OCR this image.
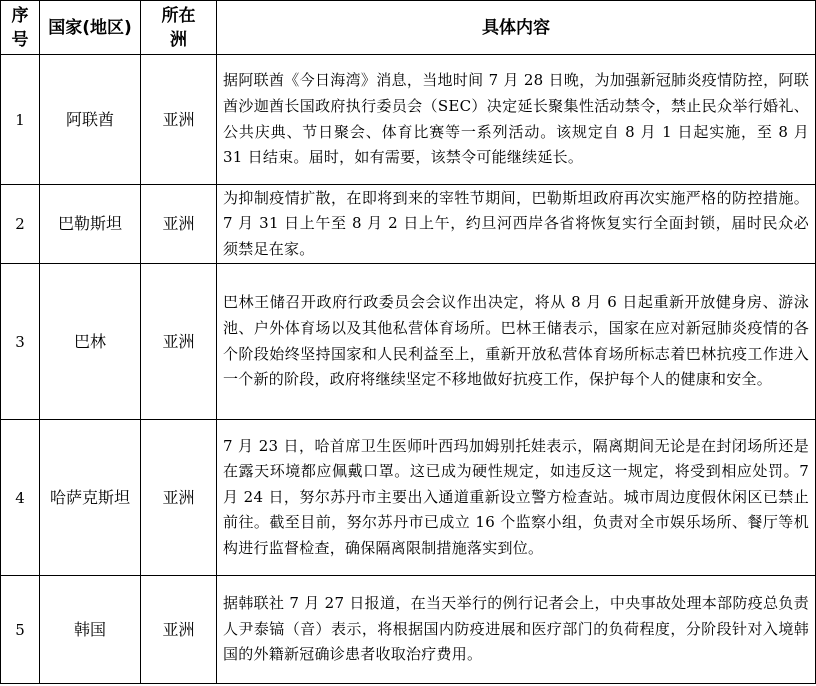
序号	国家(地区)	所在洲	具体内容
1	阿联酋	亚洲	据阿联酋《今日海湾》消息，当地时间 7 月 28 日晚，为加强新冠肺炎疫情防控，阿联酋沙迦酋长国政府执行委员会（SEC）决定延长聚集性活动禁令，禁止民众举行婚礼、公共庆典、节日聚会、体育比赛等一系列活动。该规定自 8 月 1 日起实施，至 8 月 31 日结束。届时，如有需要，该禁令可能继续延长。
2	巴勒斯坦	亚洲	为抑制疫情扩散，在即将到来的宰牲节期间，巴勒斯坦政府再次实施严格的防控措施。7 月 31 日上午至 8 月 2 日上午，约旦河西岸各省将恢复实行全面封锁，届时民众必须禁足在家。
3	巴林	亚洲	巴林王储召开政府行政委员会会议作出决定，将从 8 月 6 日起重新开放健身房、游泳池、户外体育场以及其他私营体育场所。巴林王储表示，国家在应对新冠肺炎疫情的各个阶段始终坚持国家和人民利益至上，重新开放私营体育场所标志着巴林抗疫工作进入一个新的阶段，政府将继续坚定不移地做好抗疫工作，保护每个人的健康和安全。
4	哈萨克斯坦	亚洲	7 月 23 日，哈首席卫生医师叶西玛加姆别托娃表示，隔离期间无论是在封闭场所还是在露天环境都应佩戴口罩。这已成为硬性规定，如违反这一规定，将受到相应处罚。7 月 24 日，努尔苏丹市主要出入通道重新设立警方检查站。城市周边度假休闲区已禁止前往。截至目前，努尔苏丹市已成立 16 个监察小组，负责对全市娱乐场所、餐厅等机构进行监督检查，确保隔离限制措施落实到位。
5	韩国	亚洲	据韩联社 7 月 27 日报道，在当天举行的例行记者会上，中央事故处理本部防疫总负责人尹泰镐（音）表示，将根据国内防疫进展和医疗部门的负荷程度，分阶段针对入境韩国的外籍新冠确诊患者收取治疗费用。
